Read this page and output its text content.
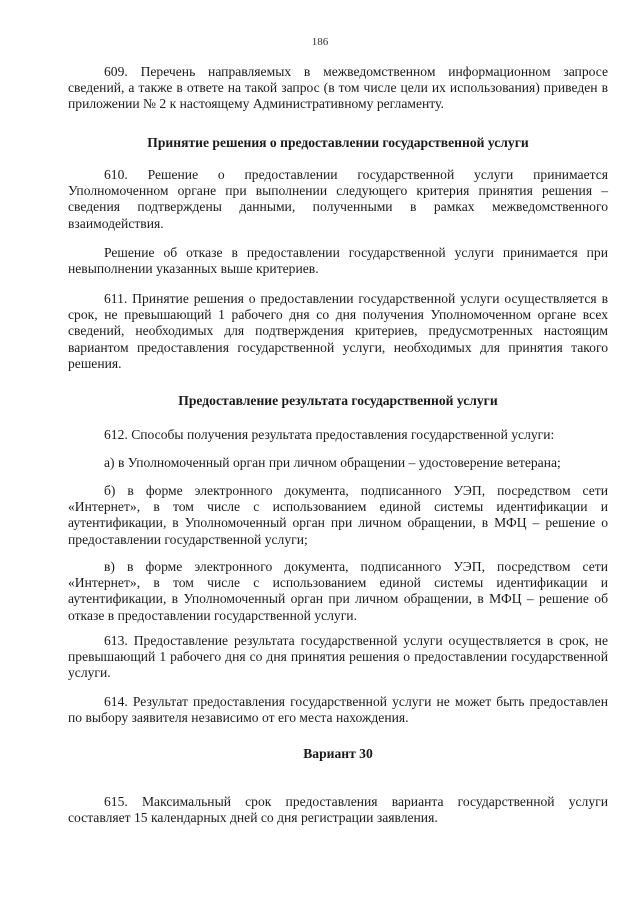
186

609. Перечень направляемых в межведомственном информационном запросе сведений, а также в ответе на такой запрос (в том числе цели их использования) приведен в приложении № 2 к настоящему Административному регламенту.

Принятие решения о предоставлении государственной услуги

610. Решение о предоставлении государственной услуги принимается Уполномоченном органе при выполнении следующего критерия принятия решения – сведения подтверждены данными, полученными в рамках межведомственного взаимодействия.

Решение об отказе в предоставлении государственной услуги принимается при невыполнении указанных выше критериев.

611. Принятие решения о предоставлении государственной услуги осуществляется в срок, не превышающий 1 рабочего дня со дня получения Уполномоченном органе всех сведений, необходимых для подтверждения критериев, предусмотренных настоящим вариантом предоставления государственной услуги, необходимых для принятия такого решения.

Предоставление результата государственной услуги

612. Способы получения результата предоставления государственной услуги:

а) в Уполномоченный орган при личном обращении – удостоверение ветерана;

б) в форме электронного документа, подписанного УЭП, посредством сети «Интернет», в том числе с использованием единой системы идентификации и аутентификации, в Уполномоченный орган при личном обращении, в МФЦ – решение о предоставлении государственной услуги;

в) в форме электронного документа, подписанного УЭП, посредством сети «Интернет», в том числе с использованием единой системы идентификации и аутентификации, в Уполномоченный орган при личном обращении, в МФЦ – решение об отказе в предоставлении государственной услуги.

613. Предоставление результата государственной услуги осуществляется в срок, не превышающий 1 рабочего дня со дня принятия решения о предоставлении государственной услуги.

614. Результат предоставления государственной услуги не может быть предоставлен по выбору заявителя независимо от его места нахождения.

Вариант 30

615. Максимальный срок предоставления варианта государственной услуги составляет 15 календарных дней со дня регистрации заявления.
